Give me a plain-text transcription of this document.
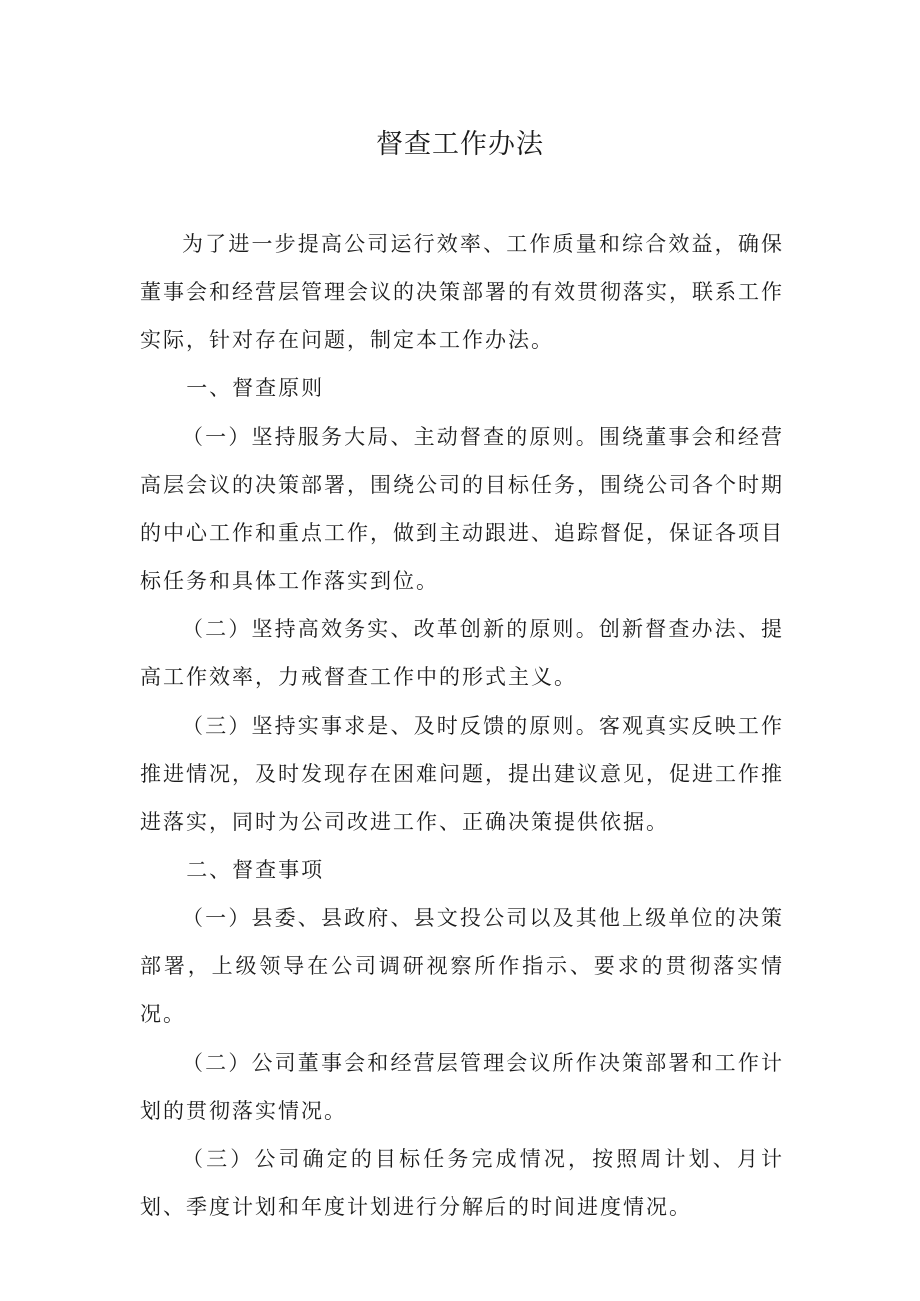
督查工作办法

为了进一步提高公司运行效率、工作质量和综合效益，确保董事会和经营层管理会议的决策部署的有效贯彻落实，联系工作实际，针对存在问题，制定本工作办法。

一、督查原则

（一）坚持服务大局、主动督查的原则。围绕董事会和经营高层会议的决策部署，围绕公司的目标任务，围绕公司各个时期的中心工作和重点工作，做到主动跟进、追踪督促，保证各项目标任务和具体工作落实到位。

（二）坚持高效务实、改革创新的原则。创新督查办法、提高工作效率，力戒督查工作中的形式主义。

（三）坚持实事求是、及时反馈的原则。客观真实反映工作推进情况，及时发现存在困难问题，提出建议意见，促进工作推进落实，同时为公司改进工作、正确决策提供依据。

二、督查事项

（一）县委、县政府、县文投公司以及其他上级单位的决策部署，上级领导在公司调研视察所作指示、要求的贯彻落实情况。

（二）公司董事会和经营层管理会议所作决策部署和工作计划的贯彻落实情况。

（三）公司确定的目标任务完成情况，按照周计划、月计划、季度计划和年度计划进行分解后的时间进度情况。
